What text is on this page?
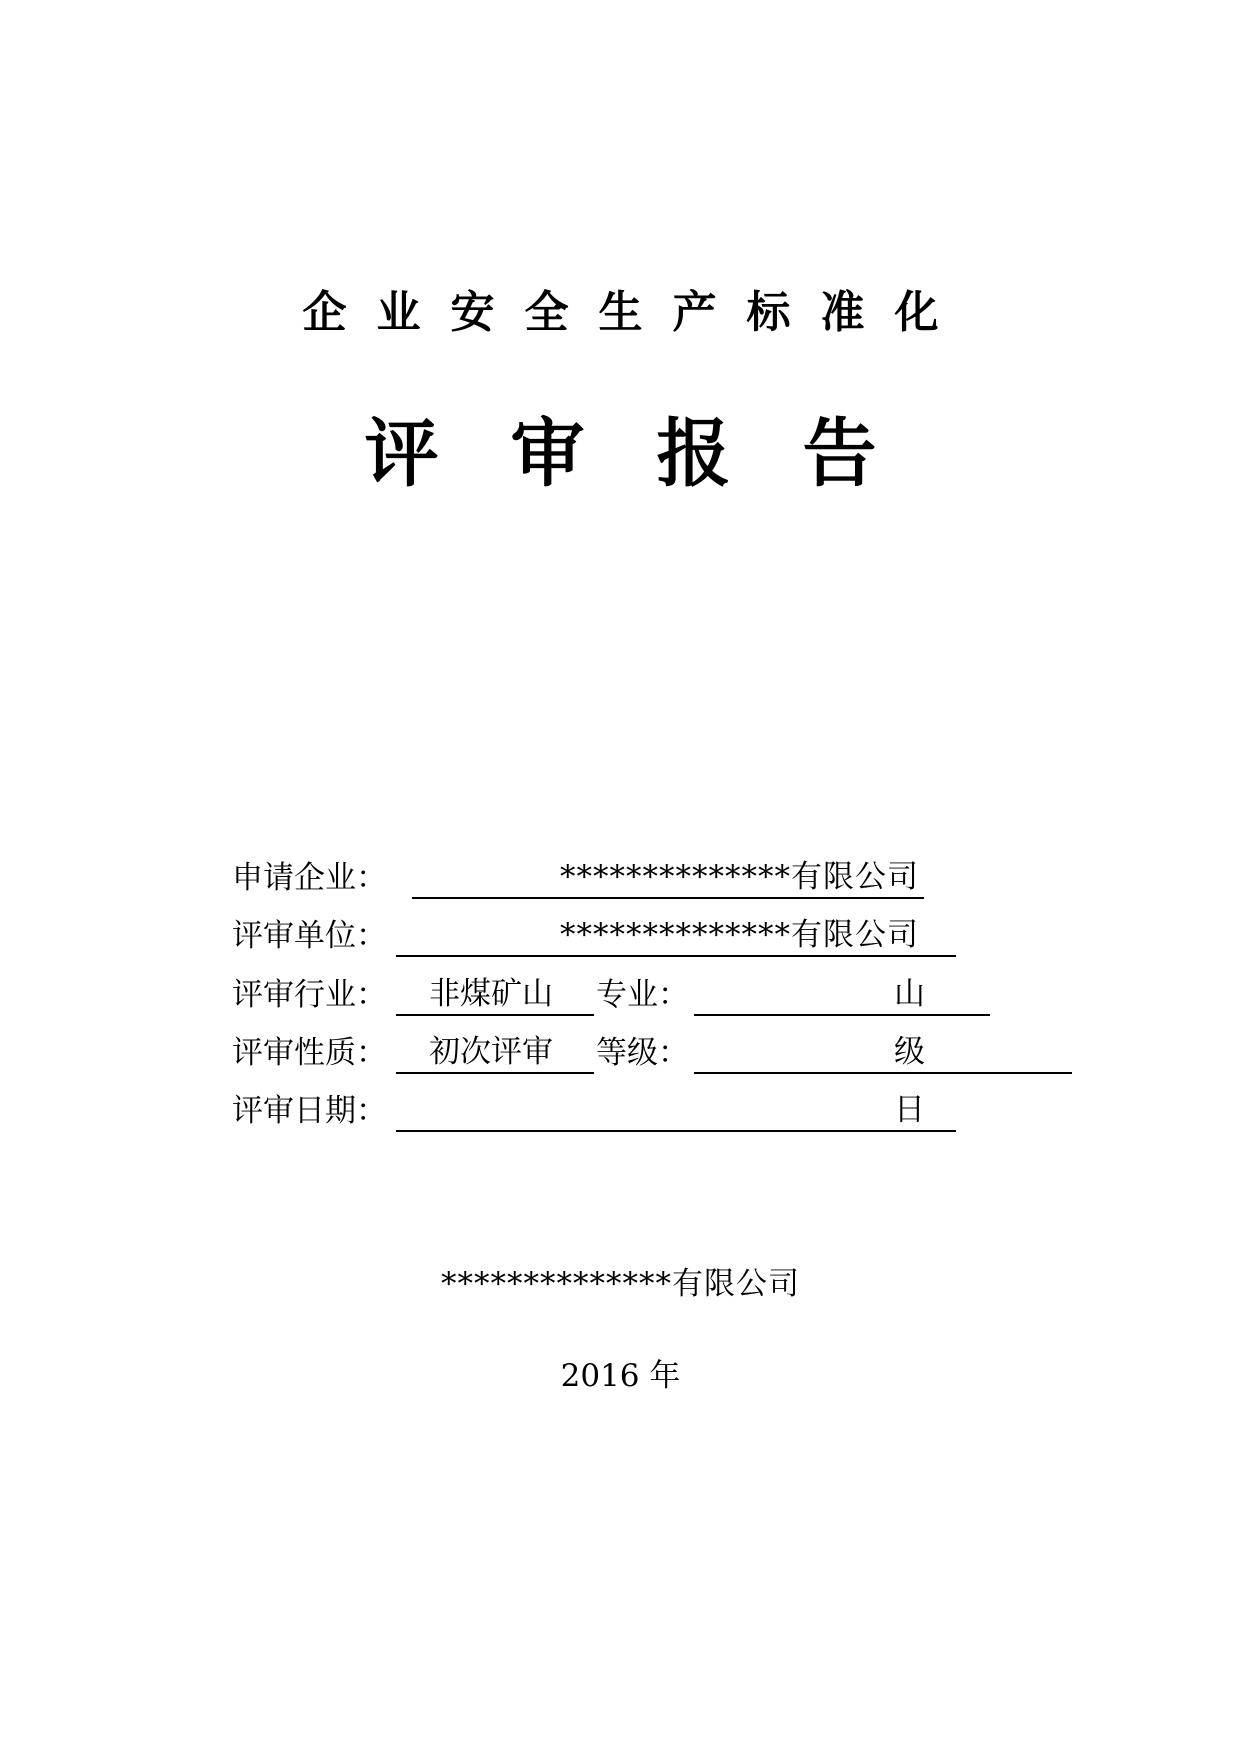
企业安全生产标准化
评审报告
申请企业：	**************有限公司
评审单位：	**************有限公司
评审行业： 非煤矿山 专业：	山
评审性质： 初次评审 等级：	级
评审日期：	日
**************有限公司
2016 年
